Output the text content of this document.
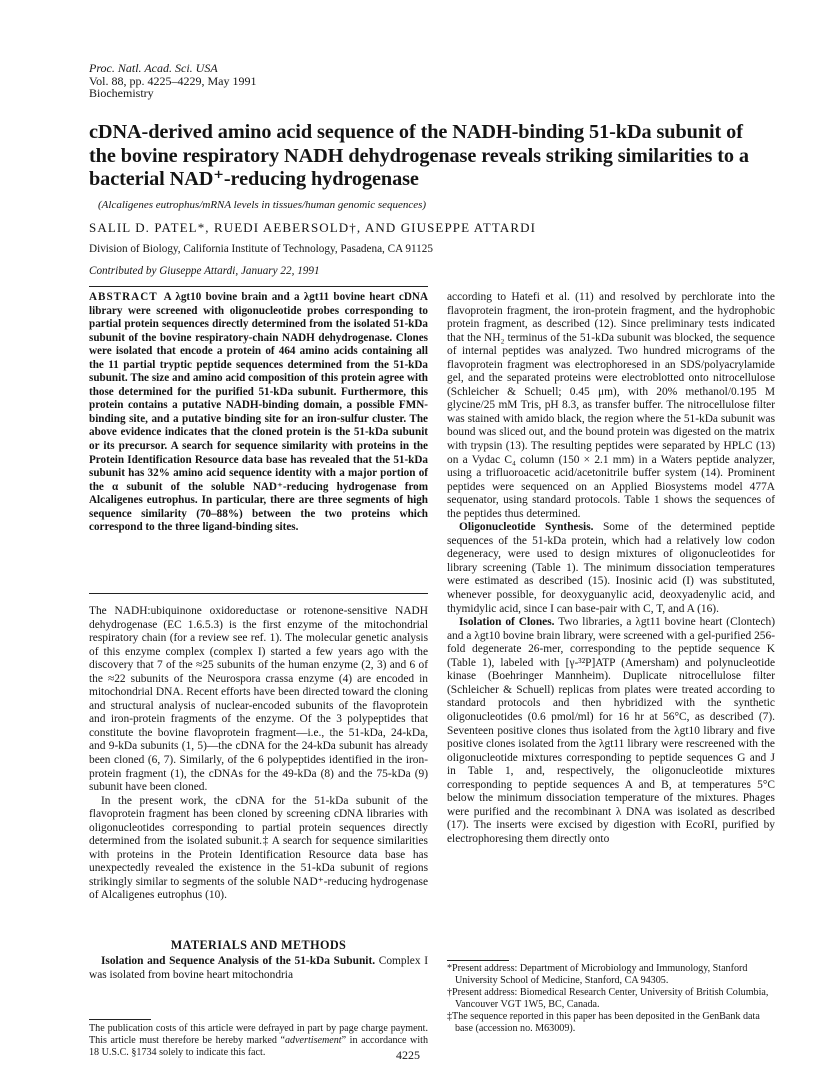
Proc. Natl. Acad. Sci. USA
Vol. 88, pp. 4225–4229, May 1991
Biochemistry
cDNA-derived amino acid sequence of the NADH-binding 51-kDa subunit of the bovine respiratory NADH dehydrogenase reveals striking similarities to a bacterial NAD⁺-reducing hydrogenase
(Alcaligenes eutrophus/mRNA levels in tissues/human genomic sequences)
SALIL D. PATEL*, RUEDI AEBERSOLD†, AND GIUSEPPE ATTARDI
Division of Biology, California Institute of Technology, Pasadena, CA 91125
Contributed by Giuseppe Attardi, January 22, 1991
ABSTRACT A λgt10 bovine brain and a λgt11 bovine heart cDNA library were screened with oligonucleotide probes corresponding to partial protein sequences directly determined from the isolated 51-kDa subunit of the bovine respiratory-chain NADH dehydrogenase. Clones were isolated that encode a protein of 464 amino acids containing all the 11 partial tryptic peptide sequences determined from the 51-kDa subunit. The size and amino acid composition of this protein agree with those determined for the purified 51-kDa subunit. Furthermore, this protein contains a putative NADH-binding domain, a possible FMN-binding site, and a putative binding site for an iron-sulfur cluster. The above evidence indicates that the cloned protein is the 51-kDa subunit or its precursor. A search for sequence similarity with proteins in the Protein Identification Resource data base has revealed that the 51-kDa subunit has 32% amino acid sequence identity with a major portion of the α subunit of the soluble NAD⁺-reducing hydrogenase from Alcaligenes eutrophus. In particular, there are three segments of high sequence similarity (70–88%) between the two proteins which correspond to the three ligand-binding sites.

The NADH:ubiquinone oxidoreductase or rotenone-sensitive NADH dehydrogenase (EC 1.6.5.3) is the first enzyme of the mitochondrial respiratory chain (for a review see ref. 1). The molecular genetic analysis of this enzyme complex (complex I) started a few years ago with the discovery that 7 of the ≈25 subunits of the human enzyme (2, 3) and 6 of the ≈22 subunits of the Neurospora crassa enzyme (4) are encoded in mitochondrial DNA. Recent efforts have been directed toward the cloning and structural analysis of nuclear-encoded subunits of the flavoprotein and iron-protein fragments of the enzyme. Of the 3 polypeptides that constitute the bovine flavoprotein fragment—i.e., the 51-kDa, 24-kDa, and 9-kDa subunits (1, 5)—the cDNA for the 24-kDa subunit has already been cloned (6, 7). Similarly, of the 6 polypeptides identified in the iron-protein fragment (1), the cDNAs for the 49-kDa (8) and the 75-kDa (9) subunit have been cloned.

In the present work, the cDNA for the 51-kDa subunit of the flavoprotein fragment has been cloned by screening cDNA libraries with oligonucleotides corresponding to partial protein sequences directly determined from the isolated subunit.‡ A search for sequence similarities with proteins in the Protein Identification Resource data base has unexpectedly revealed the existence in the 51-kDa subunit of regions strikingly similar to segments of the soluble NAD⁺-reducing hydrogenase of Alcaligenes eutrophus (10).

MATERIALS AND METHODS

Isolation and Sequence Analysis of the 51-kDa Subunit. Complex I was isolated from bovine heart mitochondria

The publication costs of this article were defrayed in part by page charge payment. This article must therefore be hereby marked “advertisement” in accordance with 18 U.S.C. §1734 solely to indicate this fact.

according to Hatefi et al. (11) and resolved by perchlorate into the flavoprotein fragment, the iron-protein fragment, and the hydrophobic protein fragment, as described (12). Since preliminary tests indicated that the NH₂ terminus of the 51-kDa subunit was blocked, the sequence of internal peptides was analyzed. Two hundred micrograms of the flavoprotein fragment was electrophoresed in an SDS/polyacrylamide gel, and the separated proteins were electroblotted onto nitrocellulose (Schleicher & Schuell; 0.45 μm), with 20% methanol/0.195 M glycine/25 mM Tris, pH 8.3, as transfer buffer. The nitrocellulose filter was stained with amido black, the region where the 51-kDa subunit was bound was sliced out, and the bound protein was digested on the matrix with trypsin (13). The resulting peptides were separated by HPLC (13) on a Vydac C₄ column (150 × 2.1 mm) in a Waters peptide analyzer, using a trifluoroacetic acid/acetonitrile buffer system (14). Prominent peptides were sequenced on an Applied Biosystems model 477A sequenator, using standard protocols. Table 1 shows the sequences of the peptides thus determined.

Oligonucleotide Synthesis. Some of the determined peptide sequences of the 51-kDa protein, which had a relatively low codon degeneracy, were used to design mixtures of oligonucleotides for library screening (Table 1). The minimum dissociation temperatures were estimated as described (15). Inosinic acid (I) was substituted, whenever possible, for deoxyguanylic acid, deoxyadenylic acid, and thymidylic acid, since I can base-pair with C, T, and A (16).

Isolation of Clones. Two libraries, a λgt11 bovine heart (Clontech) and a λgt10 bovine brain library, were screened with a gel-purified 256-fold degenerate 26-mer, corresponding to the peptide sequence K (Table 1), labeled with [γ-³²P]ATP (Amersham) and polynucleotide kinase (Boehringer Mannheim). Duplicate nitrocellulose filter (Schleicher & Schuell) replicas from plates were treated according to standard protocols and then hybridized with the synthetic oligonucleotides (0.6 pmol/ml) for 16 hr at 56°C, as described (7). Seventeen positive clones thus isolated from the λgt10 library and five positive clones isolated from the λgt11 library were rescreened with the oligonucleotide mixtures corresponding to peptide sequences G and J in Table 1, and, respectively, the oligonucleotide mixtures corresponding to peptide sequences A and B, at temperatures 5°C below the minimum dissociation temperature of the mixtures. Phages were purified and the recombinant λ DNA was isolated as described (17). The inserts were excised by digestion with EcoRI, purified by electrophoresing them directly onto

*Present address: Department of Microbiology and Immunology, Stanford University School of Medicine, Stanford, CA 94305.

†Present address: Biomedical Research Center, University of British Columbia, Vancouver VGT 1W5, BC, Canada.

‡The sequence reported in this paper has been deposited in the GenBank data base (accession no. M63009).

4225
